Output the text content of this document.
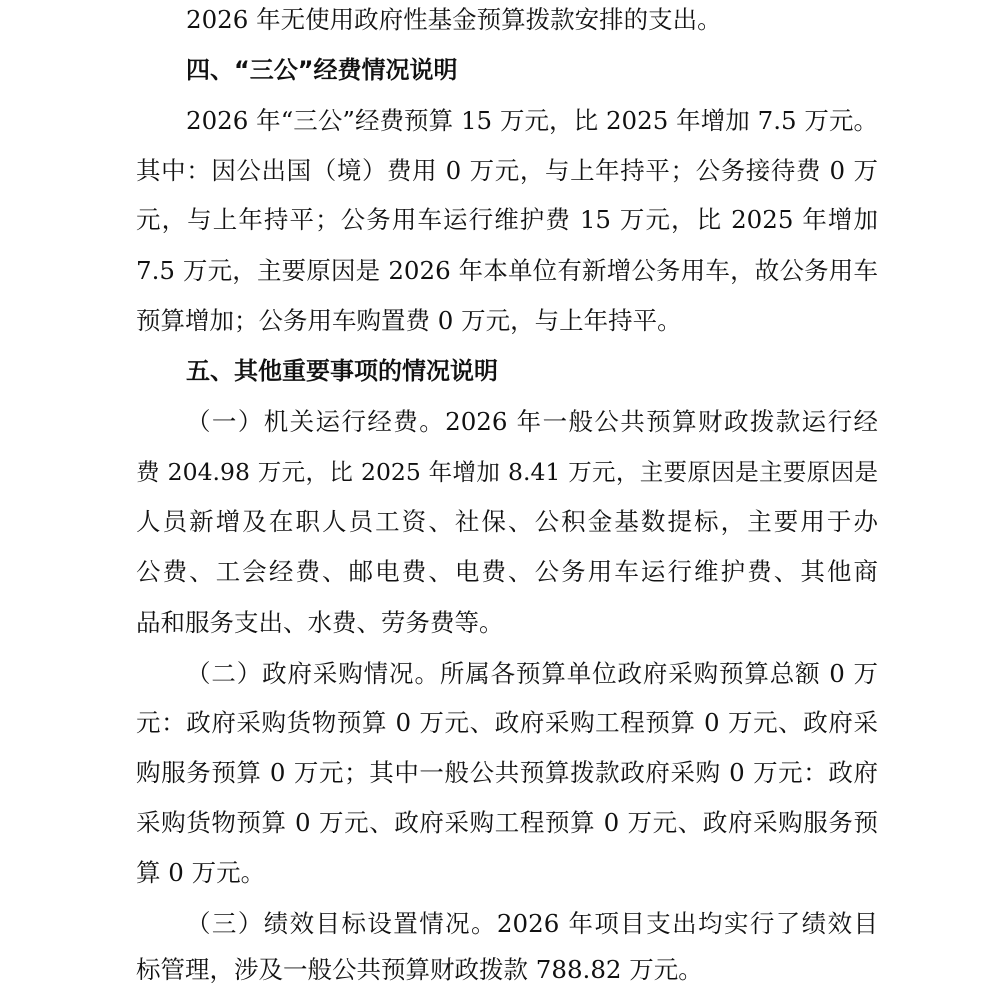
2026 年无使用政府性基金预算拨款安排的支出。
四、“三公”经费情况说明
2026 年“三公”经费预算 15 万元，比 2025 年增加 7.5 万元。
其中：因公出国（境）费用 0 万元，与上年持平；公务接待费 0 万
元，与上年持平；公务用车运行维护费 15 万元，比 2025 年增加
7.5 万元，主要原因是 2026 年本单位有新增公务用车，故公务用车
预算增加；公务用车购置费 0 万元，与上年持平。
五、其他重要事项的情况说明
（一）机关运行经费。2026 年一般公共预算财政拨款运行经
费 204.98 万元，比 2025 年增加 8.41 万元，主要原因是主要原因是
人员新增及在职人员工资、社保、公积金基数提标，主要用于办
公费、工会经费、邮电费、电费、公务用车运行维护费、其他商
品和服务支出、水费、劳务费等。
（二）政府采购情况。所属各预算单位政府采购预算总额 0 万
元：政府采购货物预算 0 万元、政府采购工程预算 0 万元、政府采
购服务预算 0 万元；其中一般公共预算拨款政府采购 0 万元：政府
采购货物预算 0 万元、政府采购工程预算 0 万元、政府采购服务预
算 0 万元。
（三）绩效目标设置情况。2026 年项目支出均实行了绩效目
标管理，涉及一般公共预算财政拨款 788.82 万元。
